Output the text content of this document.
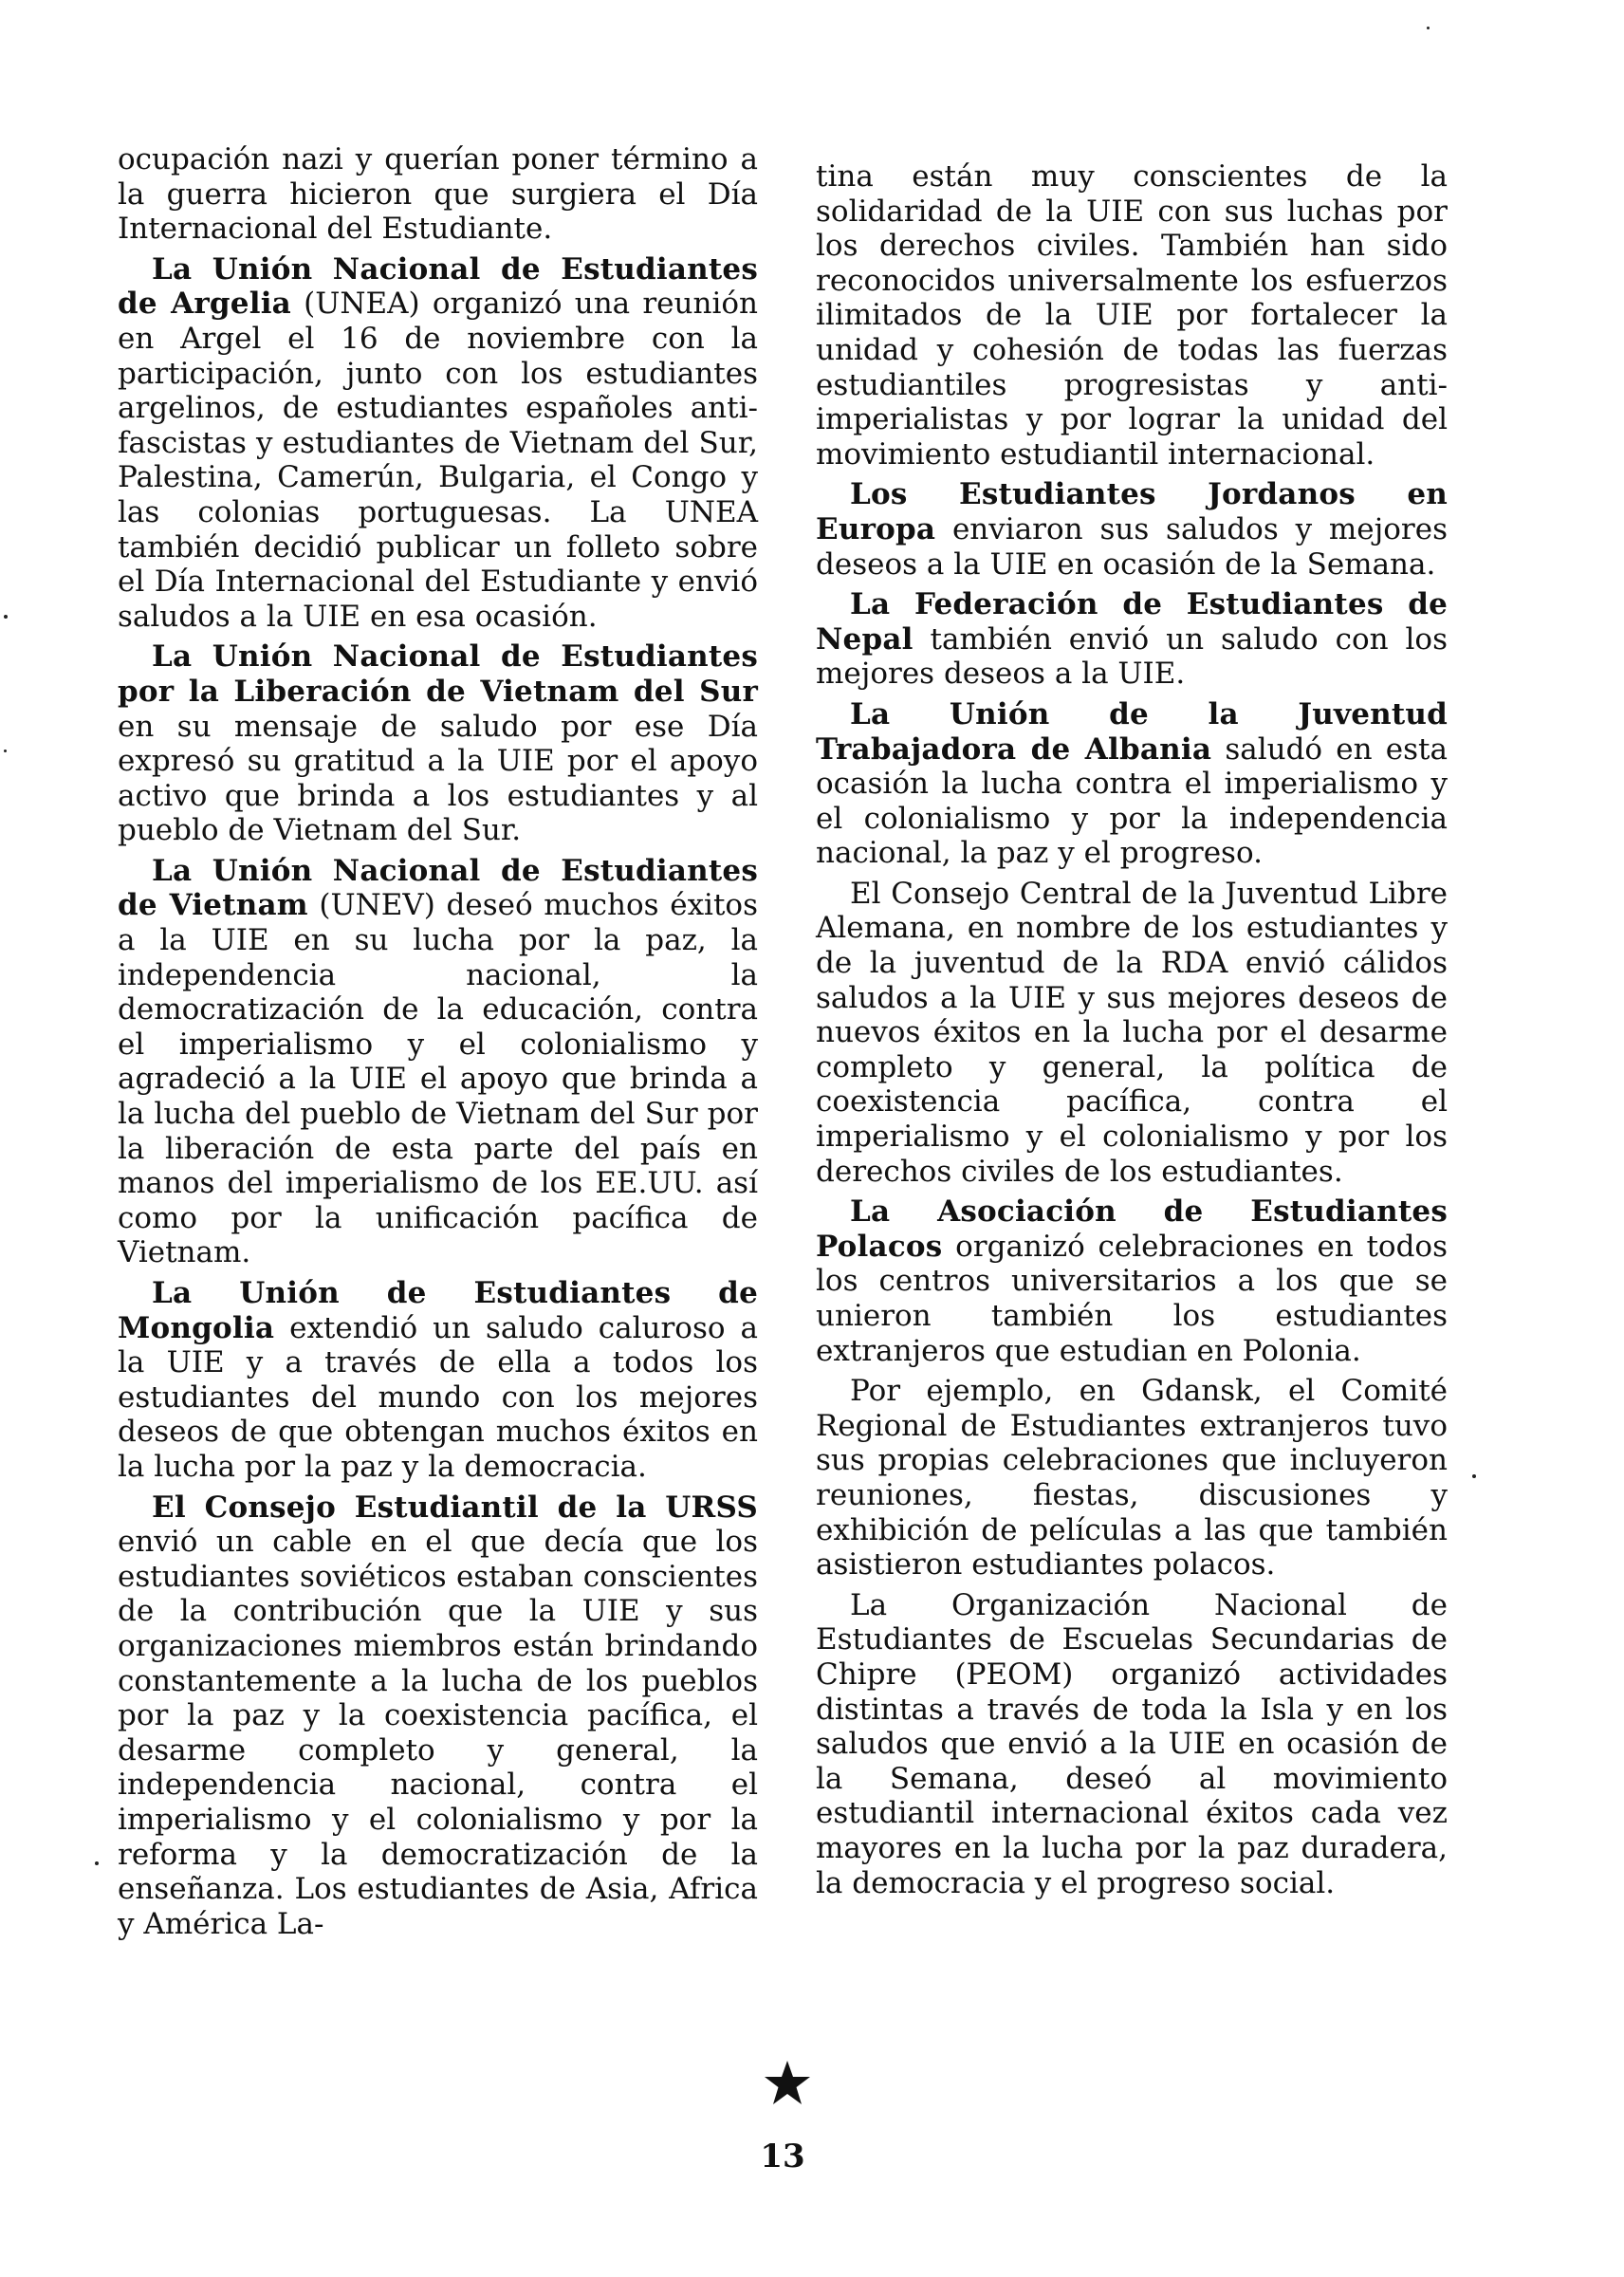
ocupación nazi y querían poner término a la guerra hicieron que surgiera el Día Internacional del Estudiante.

La Unión Nacional de Estudiantes de Argelia (UNEA) organizó una reunión en Argel el 16 de noviembre con la participación, junto con los estudiantes argelinos, de estudiantes españoles anti-fascistas y estudiantes de Vietnam del Sur, Palestina, Camerún, Bulgaria, el Congo y las colonias portuguesas. La UNEA también decidió publicar un folleto sobre el Día Internacional del Estudiante y envió saludos a la UIE en esa ocasión.

La Unión Nacional de Estudiantes por la Liberación de Vietnam del Sur en su mensaje de saludo por ese Día expresó su gratitud a la UIE por el apoyo activo que brinda a los estudiantes y al pueblo de Vietnam del Sur.

La Unión Nacional de Estudiantes de Vietnam (UNEV) deseó muchos éxitos a la UIE en su lucha por la paz, la independencia nacional, la democratización de la educación, contra el imperialismo y el colonialismo y agradeció a la UIE el apoyo que brinda a la lucha del pueblo de Vietnam del Sur por la liberación de esta parte del país en manos del imperialismo de los EE.UU. así como por la unificación pacífica de Vietnam.

La Unión de Estudiantes de Mongolia extendió un saludo caluroso a la UIE y a través de ella a todos los estudiantes del mundo con los mejores deseos de que obtengan muchos éxitos en la lucha por la paz y la democracia.

El Consejo Estudiantil de la URSS envió un cable en el que decía que los estudiantes soviéticos estaban conscientes de la contribución que la UIE y sus organizaciones miembros están brindando constantemente a la lucha de los pueblos por la paz y la coexistencia pacífica, el desarme completo y general, la independencia nacional, contra el imperialismo y el colonialismo y por la reforma y la democratización de la enseñanza. Los estudiantes de Asia, Africa y América La-

tina están muy conscientes de la solidaridad de la UIE con sus luchas por los derechos civiles. También han sido reconocidos universalmente los esfuerzos ilimitados de la UIE por fortalecer la unidad y cohesión de todas las fuerzas estudiantiles progresistas y anti-imperialistas y por lograr la unidad del movimiento estudiantil internacional.

Los Estudiantes Jordanos en Europa enviaron sus saludos y mejores deseos a la UIE en ocasión de la Semana.

La Federación de Estudiantes de Nepal también envió un saludo con los mejores deseos a la UIE.

La Unión de la Juventud Trabajadora de Albania saludó en esta ocasión la lucha contra el imperialismo y el colonialismo y por la independencia nacional, la paz y el progreso.

El Consejo Central de la Juventud Libre Alemana, en nombre de los estudiantes y de la juventud de la RDA envió cálidos saludos a la UIE y sus mejores deseos de nuevos éxitos en la lucha por el desarme completo y general, la política de coexistencia pacífica, contra el imperialismo y el colonialismo y por los derechos civiles de los estudiantes.

La Asociación de Estudiantes Polacos organizó celebraciones en todos los centros universitarios a los que se unieron también los estudiantes extranjeros que estudian en Polonia.

Por ejemplo, en Gdansk, el Comité Regional de Estudiantes extranjeros tuvo sus propias celebraciones que incluyeron reuniones, fiestas, discusiones y exhibición de películas a las que también asistieron estudiantes polacos.

La Organización Nacional de Estudiantes de Escuelas Secundarias de Chipre (PEOM) organizó actividades distintas a través de toda la Isla y en los saludos que envió a la UIE en ocasión de la Semana, deseó al movimiento estudiantil internacional éxitos cada vez mayores en la lucha por la paz duradera, la democracia y el progreso social.

13
